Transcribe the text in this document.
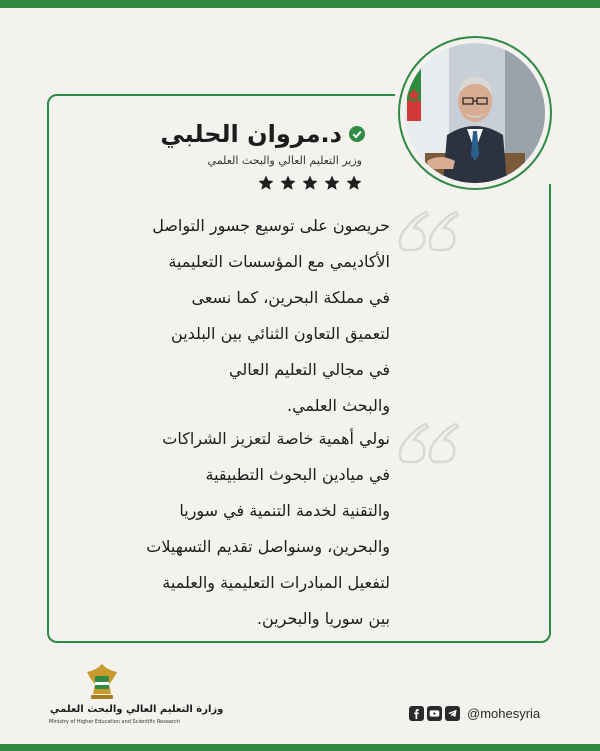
د.مروان الحلبي
وزير التعليم العالي والبحث العلمي
حريصون على توسيع جسور التواصل
الأكاديمي مع المؤسسات التعليمية
في مملكة البحرين، كما نسعى
لتعميق التعاون الثنائي بين البلدين
في مجالي التعليم العالي
والبحث العلمي.
نولي أهمية خاصة لتعزيز الشراكات
في ميادين البحوث التطبيقية
والتقنية لخدمة التنمية في سوريا
والبحرين، وسنواصل تقديم التسهيلات
لتفعيل المبادرات التعليمية والعلمية
بين سوريا والبحرين.
وزارة التعليم العالي والبحث العلمي
Ministry of Higher Education and Scientific Research
@mohesyria
